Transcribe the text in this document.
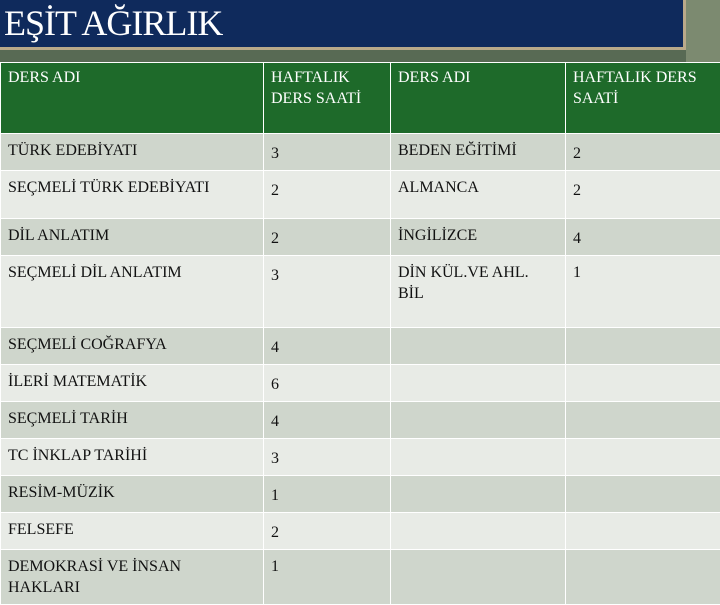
EŞİT AĞIRLIK
DERS ADI	HAFTALIK DERS SAATİ	DERS ADI	HAFTALIK DERS SAATİ
TÜRK EDEBİYATI	3	BEDEN EĞİTİMİ	2
SEÇMELİ TÜRK EDEBİYATI	2	ALMANCA	2
DİL ANLATIM	2	İNGİLİZCE	4
SEÇMELİ DİL ANLATIM	3	DİN KÜL.VE AHL. BİL	1
SEÇMELİ COĞRAFYA	4		
İLERİ MATEMATİK	6		
SEÇMELİ TARİH	4		
TC İNKLAP TARİHİ	3		
RESİM-MÜZİK	1		
FELSEFE	2		
DEMOKRASİ VE İNSAN HAKLARI	1		
